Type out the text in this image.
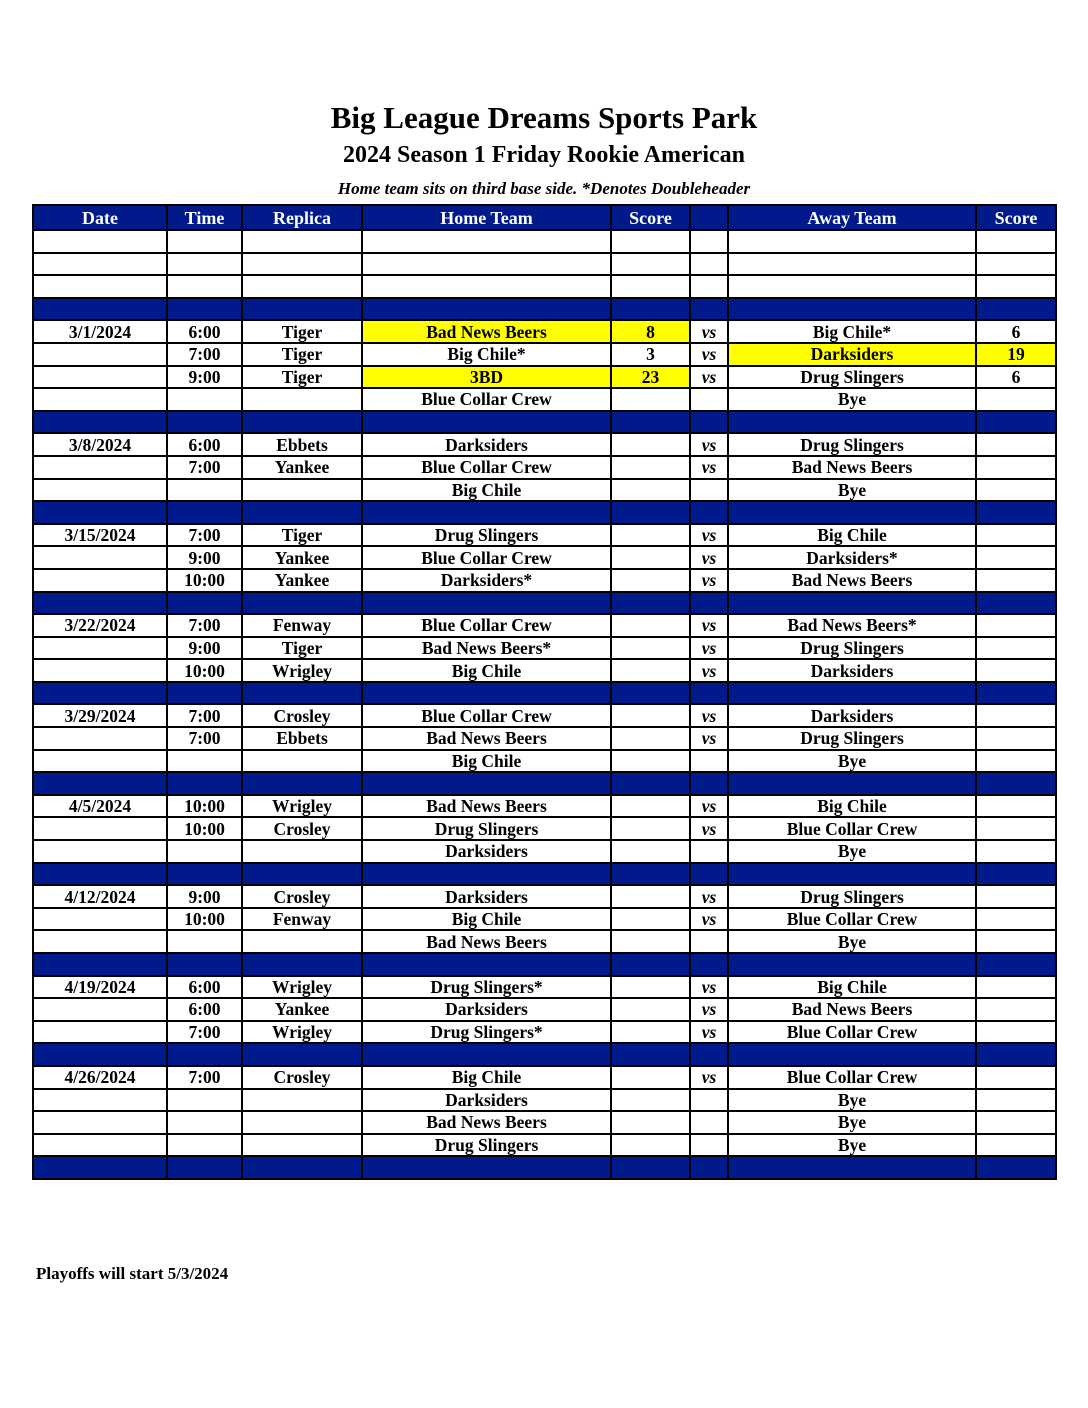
Big League Dreams Sports Park
2024 Season 1 Friday Rookie American
Home team sits on third base side. *Denotes Doubleheader
Date	Time	Replica	Home Team	Score		Away Team	Score

3/1/2024	6:00	Tiger	Bad News Beers	8	vs	Big Chile*	6
	7:00	Tiger	Big Chile*	3	vs	Darksiders	19
	9:00	Tiger	3BD	23	vs	Drug Slingers	6
			Blue Collar Crew			Bye	

3/8/2024	6:00	Ebbets	Darksiders		vs	Drug Slingers	
	7:00	Yankee	Blue Collar Crew		vs	Bad News Beers	
			Big Chile			Bye	

3/15/2024	7:00	Tiger	Drug Slingers		vs	Big Chile	
	9:00	Yankee	Blue Collar Crew		vs	Darksiders*	
	10:00	Yankee	Darksiders*		vs	Bad News Beers	

3/22/2024	7:00	Fenway	Blue Collar Crew		vs	Bad News Beers*	
	9:00	Tiger	Bad News Beers*		vs	Drug Slingers	
	10:00	Wrigley	Big Chile		vs	Darksiders	

3/29/2024	7:00	Crosley	Blue Collar Crew		vs	Darksiders	
	7:00	Ebbets	Bad News Beers		vs	Drug Slingers	
			Big Chile			Bye	

4/5/2024	10:00	Wrigley	Bad News Beers		vs	Big Chile	
	10:00	Crosley	Drug Slingers		vs	Blue Collar Crew	
			Darksiders			Bye	

4/12/2024	9:00	Crosley	Darksiders		vs	Drug Slingers	
	10:00	Fenway	Big Chile		vs	Blue Collar Crew	
			Bad News Beers			Bye	

4/19/2024	6:00	Wrigley	Drug Slingers*		vs	Big Chile	
	6:00	Yankee	Darksiders		vs	Bad News Beers	
	7:00	Wrigley	Drug Slingers*		vs	Blue Collar Crew	

4/26/2024	7:00	Crosley	Big Chile		vs	Blue Collar Crew	
			Darksiders			Bye	
			Bad News Beers			Bye	
			Drug Slingers			Bye	

Playoffs will start 5/3/2024
